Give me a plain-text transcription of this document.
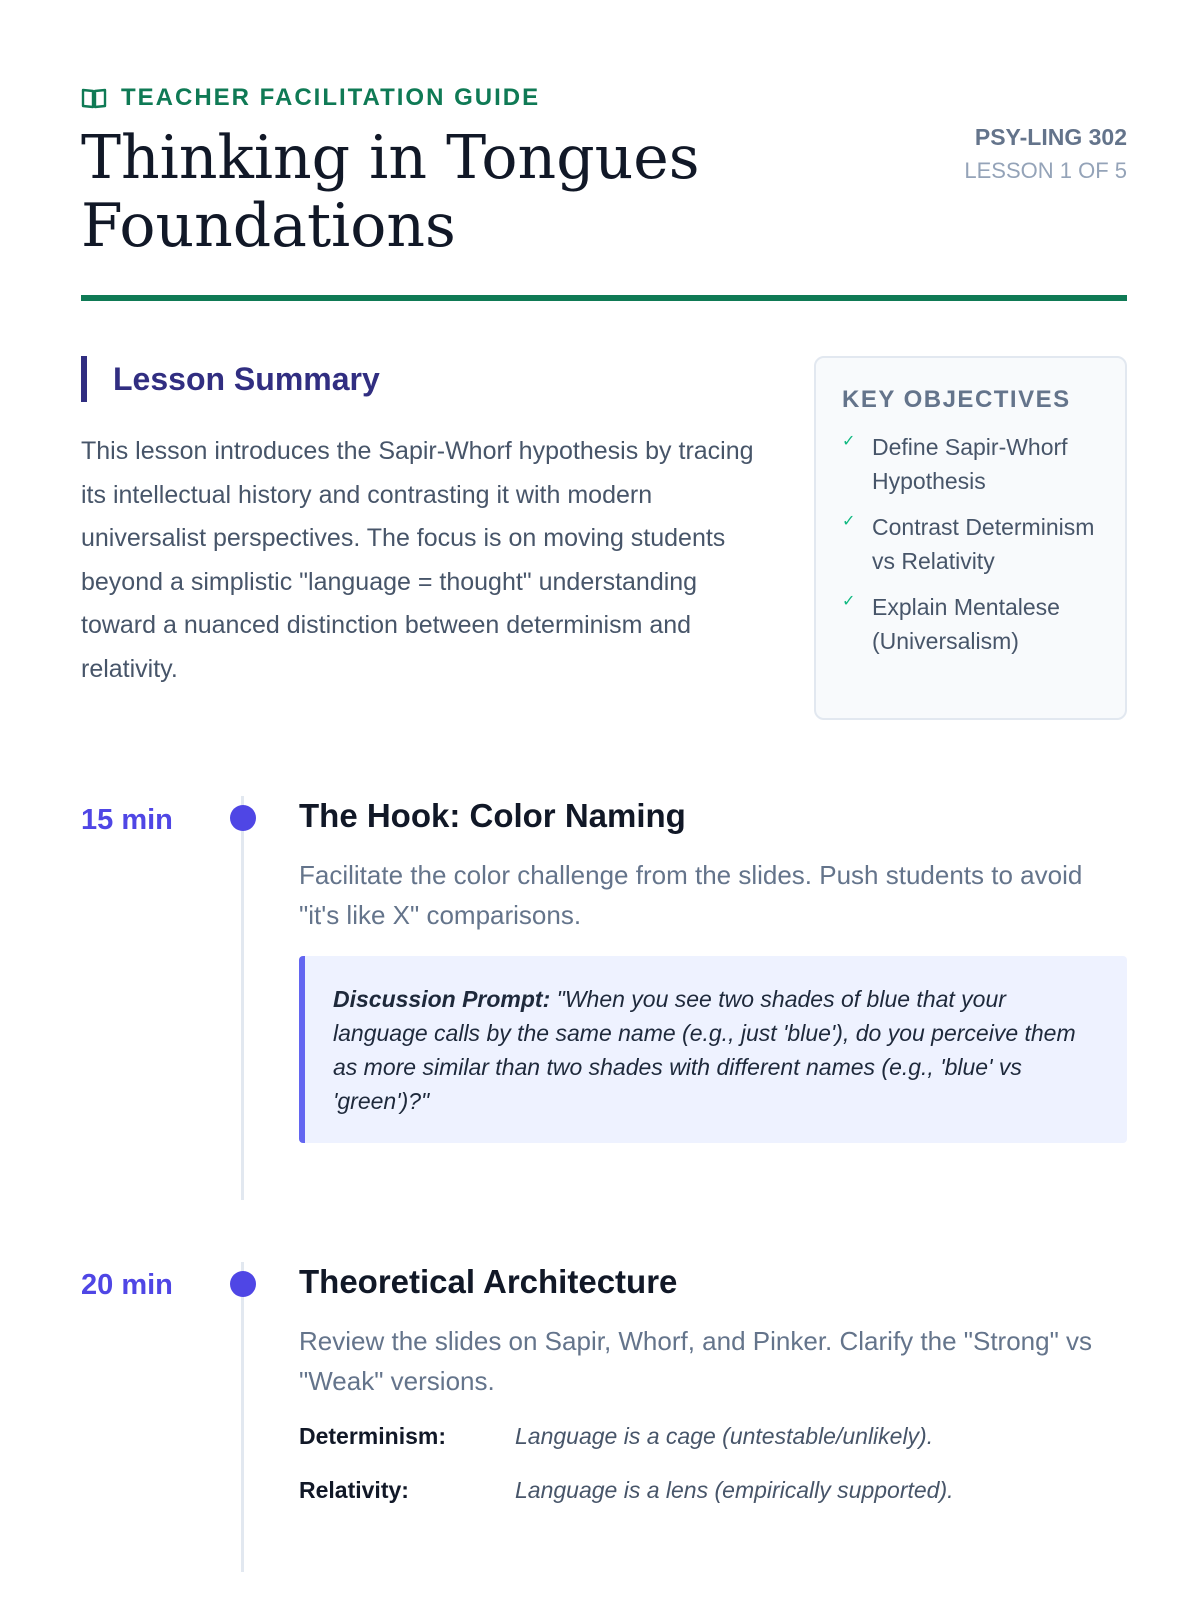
TEACHER FACILITATION GUIDE
Thinking in Tongues Foundations
PSY-LING 302
LESSON 1 OF 5
Lesson Summary

This lesson introduces the Sapir-Whorf hypothesis by tracing its intellectual history and contrasting it with modern universalist perspectives. The focus is on moving students beyond a simplistic "language = thought" understanding toward a nuanced distinction between determinism and relativity.

KEY OBJECTIVES
✓ Define Sapir-Whorf Hypothesis
✓ Contrast Determinism vs Relativity
✓ Explain Mentalese (Universalism)
15 min	The Hook: Color Naming

Facilitate the color challenge from the slides. Push students to avoid "it's like X" comparisons.

Discussion Prompt: "When you see two shades of blue that your language calls by the same name (e.g., just 'blue'), do you perceive them as more similar than two shades with different names (e.g., 'blue' vs 'green')?"
20 min	Theoretical Architecture

Review the slides on Sapir, Whorf, and Pinker. Clarify the "Strong" vs "Weak" versions.

Determinism:	Language is a cage (untestable/unlikely).
Relativity:	Language is a lens (empirically supported).
